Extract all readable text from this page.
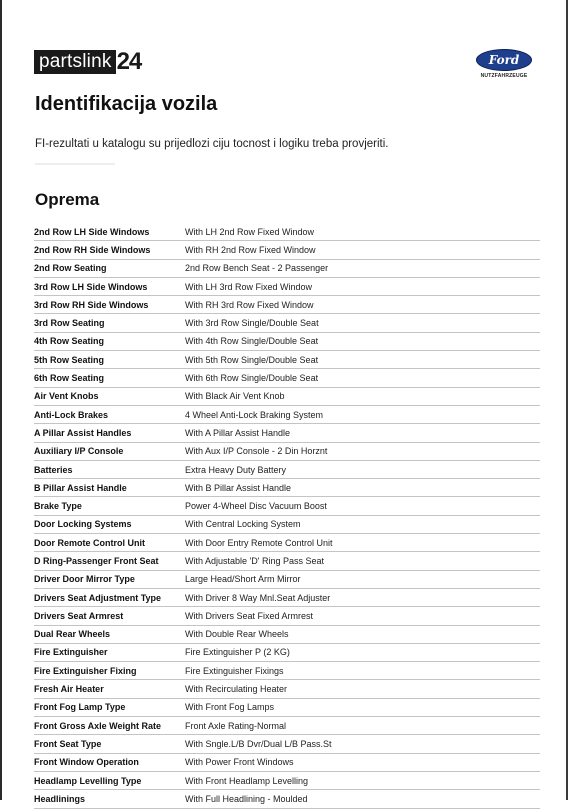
partslink 24	Ford
NUTZFAHRZEUGE
Identifikacija vozila

FI-rezultati u katalogu su prijedlozi ciju tocnost i logiku treba provjeriti.

Oprema
2nd Row LH Side Windows	With LH 2nd Row Fixed Window
2nd Row RH Side Windows	With RH 2nd Row Fixed Window
2nd Row Seating	2nd Row Bench Seat - 2 Passenger
3rd Row LH Side Windows	With LH 3rd Row Fixed Window
3rd Row RH Side Windows	With RH 3rd Row Fixed Window
3rd Row Seating	With 3rd Row Single/Double Seat
4th Row Seating	With 4th Row Single/Double Seat
5th Row Seating	With 5th Row Single/Double Seat
6th Row Seating	With 6th Row Single/Double Seat
Air Vent Knobs	With Black Air Vent Knob
Anti-Lock Brakes	4 Wheel Anti-Lock Braking System
A Pillar Assist Handles	With A Pillar Assist Handle
Auxiliary I/P Console	With Aux I/P Console - 2 Din Horznt
Batteries	Extra Heavy Duty Battery
B Pillar Assist Handle	With B Pillar Assist Handle
Brake Type	Power 4-Wheel Disc Vacuum Boost
Door Locking Systems	With Central Locking System
Door Remote Control Unit	With Door Entry Remote Control Unit
D Ring-Passenger Front Seat	With Adjustable 'D' Ring Pass Seat
Driver Door Mirror Type	Large Head/Short Arm Mirror
Drivers Seat Adjustment Type	With Driver 8 Way Mnl.Seat Adjuster
Drivers Seat Armrest	With Drivers Seat Fixed Armrest
Dual Rear Wheels	With Double Rear Wheels
Fire Extinguisher	Fire Extinguisher P (2 KG)
Fire Extinguisher Fixing	Fire Extinguisher Fixings
Fresh Air Heater	With Recirculating Heater
Front Fog Lamp Type	With Front Fog Lamps
Front Gross Axle Weight Rate	Front Axle Rating-Normal
Front Seat Type	With Sngle.L/B Dvr/Dual L/B Pass.St
Front Window Operation	With Power Front Windows
Headlamp Levelling Type	With Front Headlamp Levelling
Headlinings	With Full Headlining - Moulded
